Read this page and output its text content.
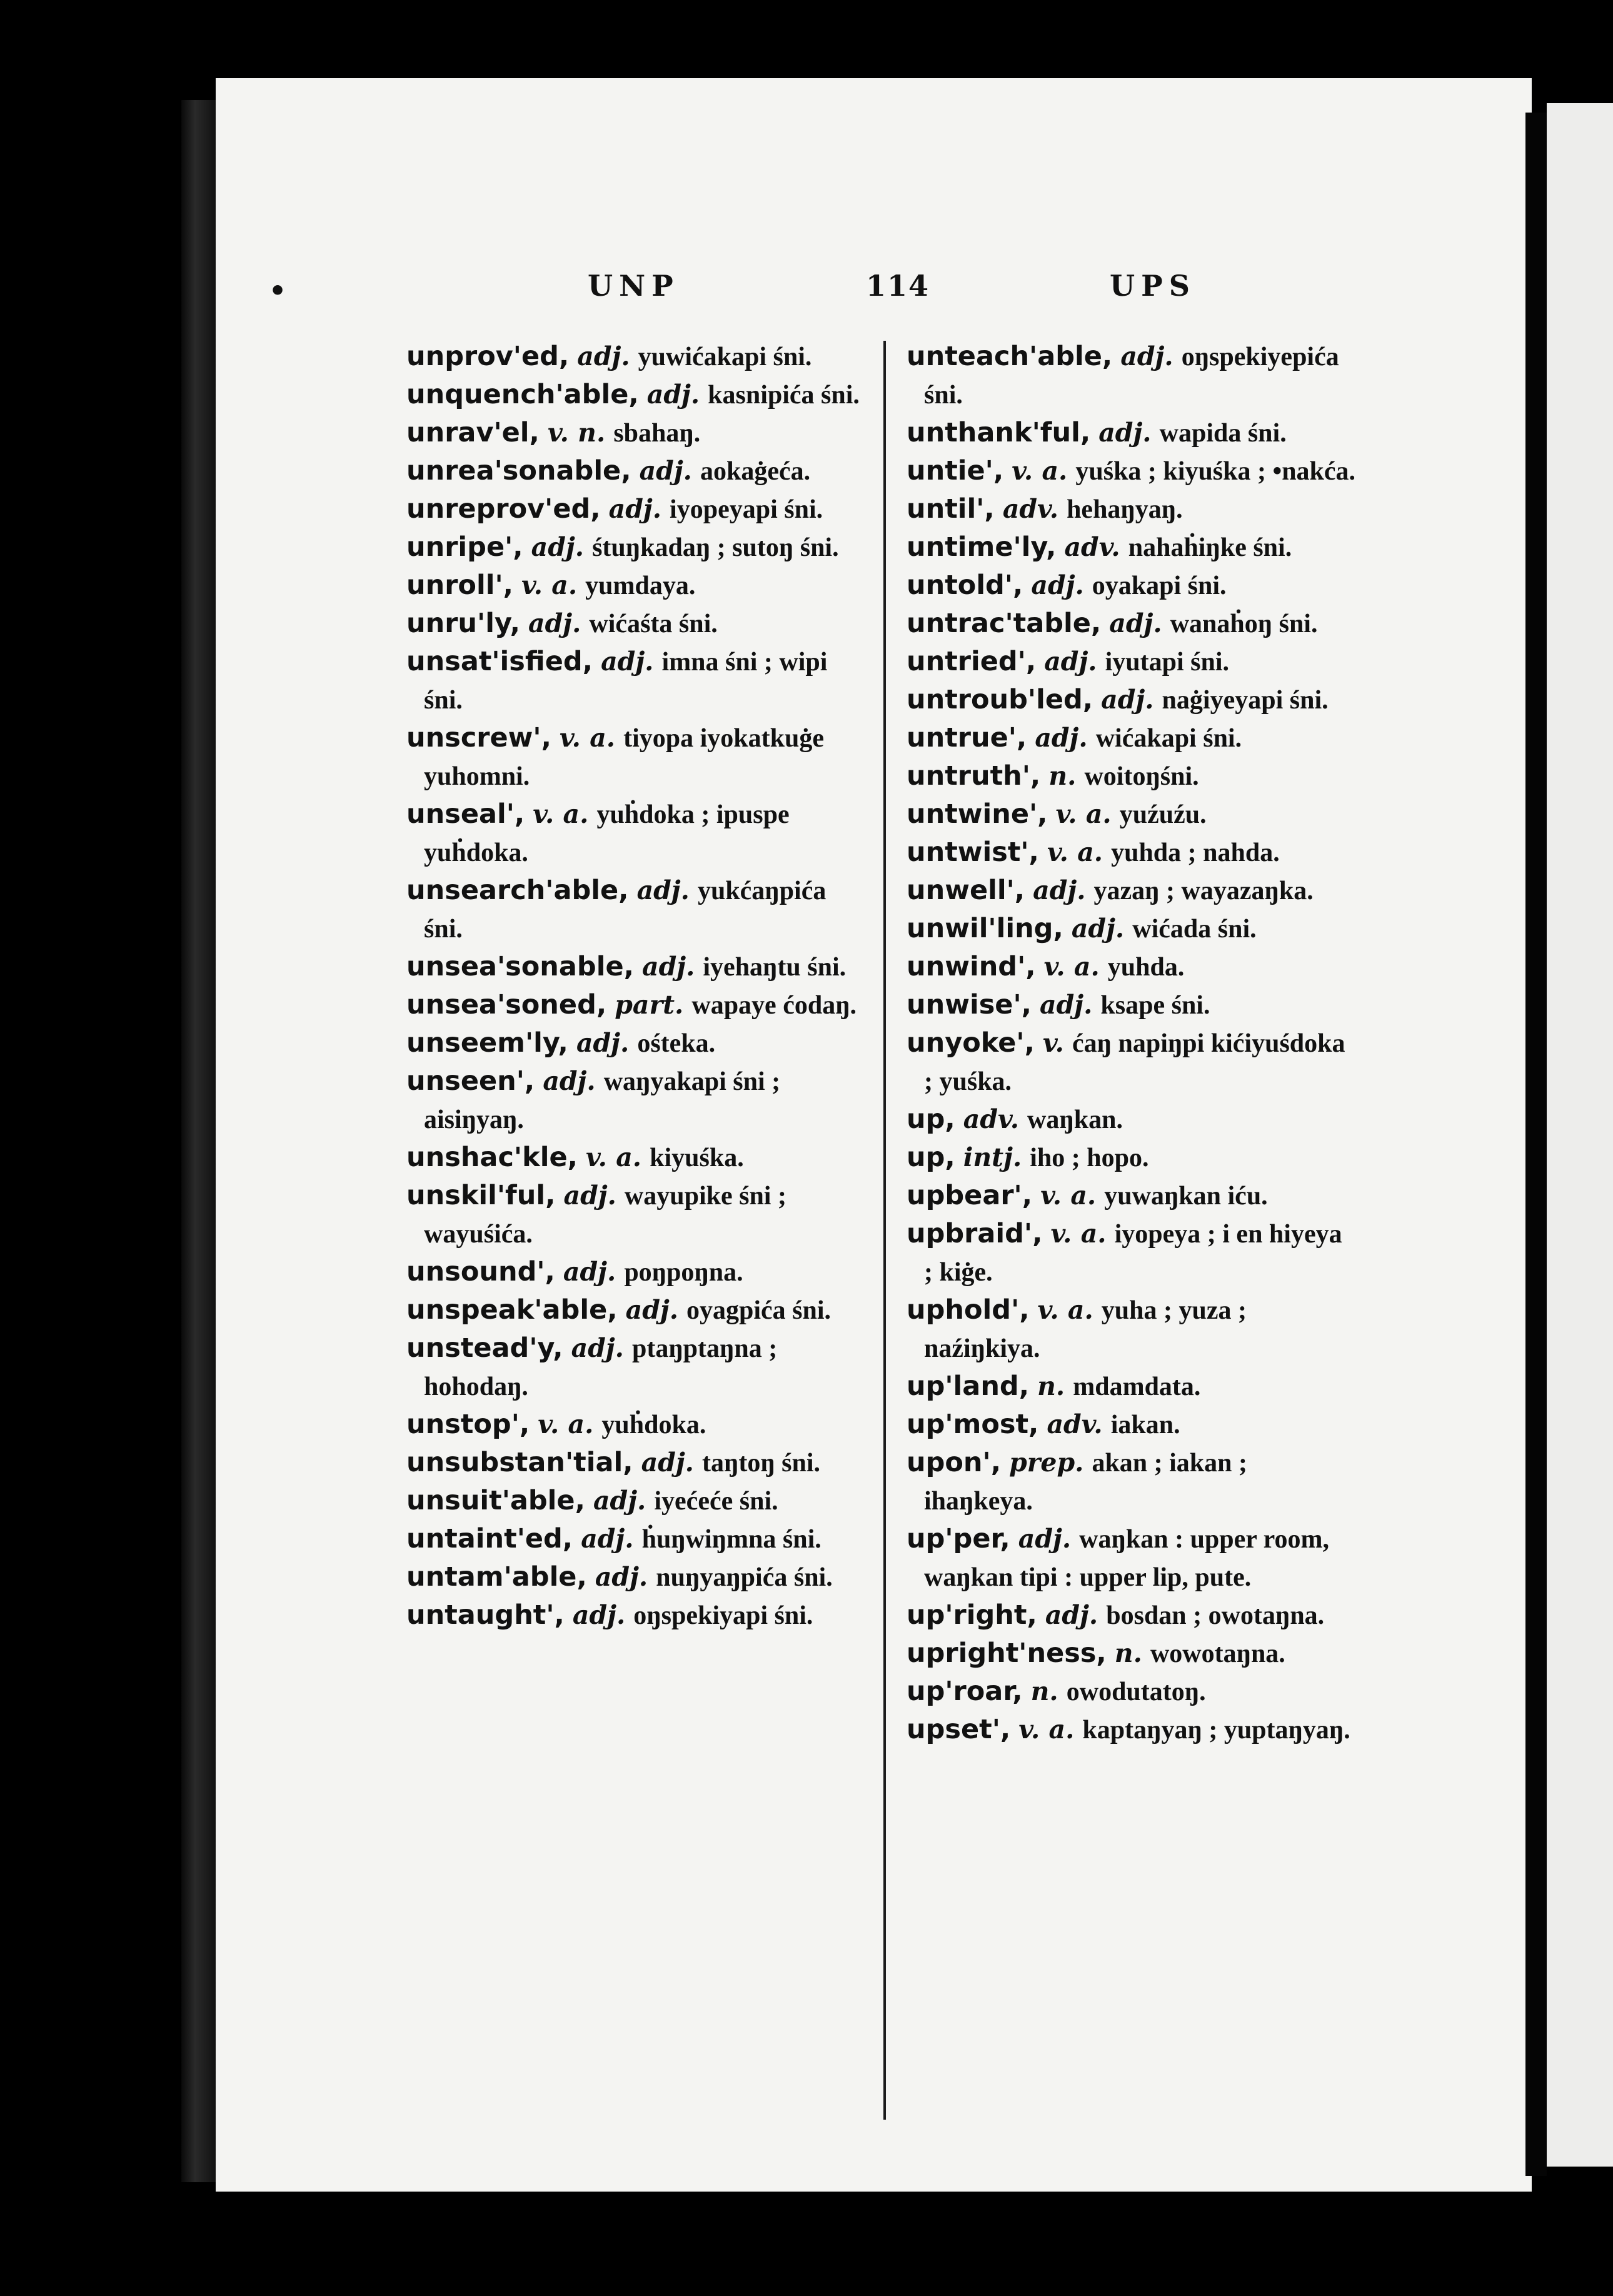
•	UNP	114	UPS

unprov'ed, adj. yuwićakapi śni.

unquench'able, adj. kasnipića śni.

unrav'el, v. n. sbahaŋ.

unrea'sonable, adj. aokaġeća.

unreprov'ed, adj. iyopeyapi śni.

unripe', adj. śtuŋkadaŋ ; sutoŋ śni.

unroll', v. a. yumdaya.

unru'ly, adj. wićaśta śni.

unsat'isfied, adj. imna śni ; wipi śni.

unscrew', v. a. tiyopa iyokatkuġe yuhomni.

unseal', v. a. yuḣdoka ; ipuspe yuḣdoka.

unsearch'able, adj. yukćaŋpića śni.

unsea'sonable, adj. iyehaŋtu śni.

unsea'soned, part. wapaye ćodaŋ.

unseem'ly, adj. ośteka.

unseen', adj. waŋyakapi śni ; aisiŋyaŋ.

unshac'kle, v. a. kiyuśka.

unskil'ful, adj. wayupike śni ; wayuśića.

unsound', adj. poŋpoŋna.

unspeak'able, adj. oyagpića śni.

unstead'y, adj. ptaŋptaŋna ; hohodaŋ.

unstop', v. a. yuḣdoka.

unsubstan'tial, adj. taŋtoŋ śni.

unsuit'able, adj. iyećeće śni.

untaint'ed, adj. ḣuŋwiŋmna śni.

untam'able, adj. nuŋyaŋpića śni.

untaught', adj. oŋspekiyapi śni.

unteach'able, adj. oŋspekiyepića śni.

unthank'ful, adj. wapida śni.

untie', v. a. yuśka ; kiyuśka ; •nakća.

until', adv. hehaŋyaŋ.

untime'ly, adv. nahaḣiŋke śni.

untold', adj. oyakapi śni.

untrac'table, adj. wanaḣoŋ śni.

untried', adj. iyutapi śni.

untroub'led, adj. naġiyeyapi śni.

untrue', adj. wićakapi śni.

untruth', n. woitoŋśni.

untwine', v. a. yuźuźu.

untwist', v. a. yuhda ; nahda.

unwell', adj. yazaŋ ; wayazaŋka.

unwil'ling, adj. wićada śni.

unwind', v. a. yuhda.

unwise', adj. ksape śni.

unyoke', v. ćaŋ napiŋpi kićiyuśdoka ; yuśka.

up, adv. waŋkan.

up, intj. iho ; hopo.

upbear', v. a. yuwaŋkan iću.

upbraid', v. a. iyopeya ; i en hiyeya ; kiġe.

uphold', v. a. yuha ; yuza ; naźiŋkiya.

up'land, n. mdamdata.

up'most, adv. iakan.

upon', prep. akan ; iakan ; ihaŋkeya.

up'per, adj. waŋkan : upper room, waŋkan tipi : upper lip, pute.

up'right, adj. bosdan ; owotaŋna.

upright'ness, n. wowotaŋna.

up'roar, n. owodutatoŋ.

upset', v. a. kaptaŋyaŋ ; yuptaŋyaŋ.
